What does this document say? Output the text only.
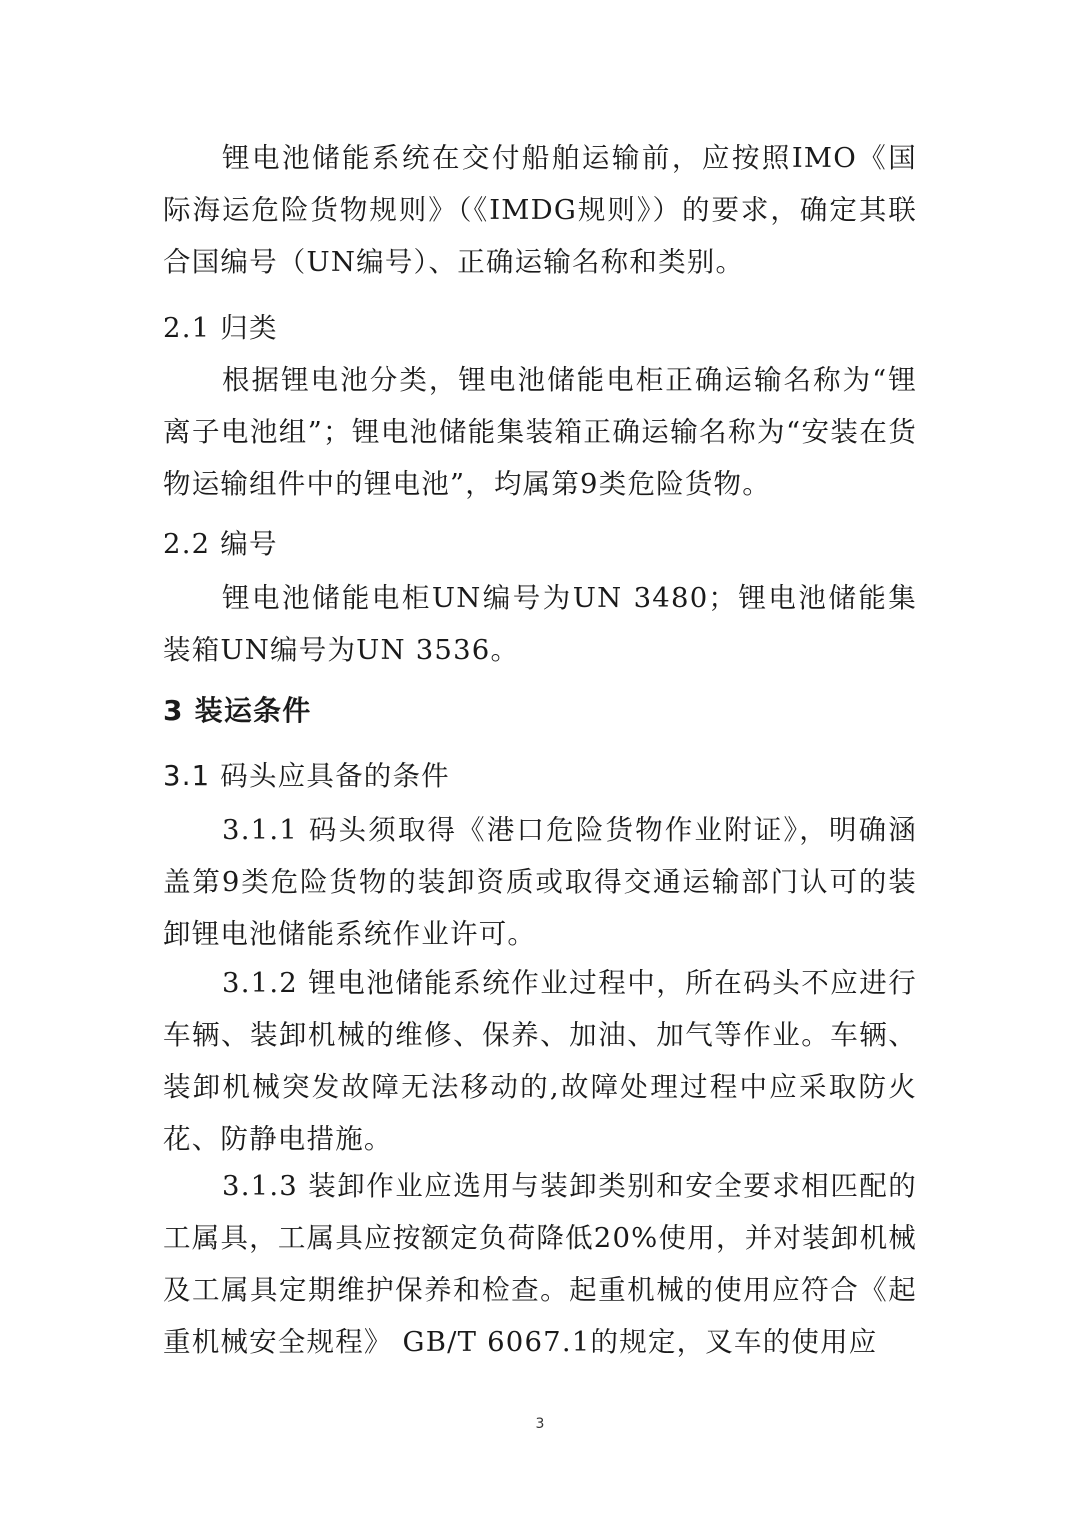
锂电池储能系统在交付船舶运输前，应按照IMO《国际海运危险货物规则》（《IMDG规则》）的要求，确定其联合国编号（UN编号）、正确运输名称和类别。

2.1 归类

根据锂电池分类，锂电池储能电柜正确运输名称为“锂离子电池组”；锂电池储能集装箱正确运输名称为“安装在货物运输组件中的锂电池”，均属第9类危险货物。

2.2 编号

锂电池储能电柜UN编号为UN 3480；锂电池储能集装箱UN编号为UN 3536。

3 装运条件
3.1 码头应具备的条件

3.1.1 码头须取得《港口危险货物作业附证》，明确涵盖第9类危险货物的装卸资质或取得交通运输部门认可的装卸锂电池储能系统作业许可。

3.1.2 锂电池储能系统作业过程中，所在码头不应进行车辆、装卸机械的维修、保养、加油、加气等作业。车辆、装卸机械突发故障无法移动的,故障处理过程中应采取防火花、防静电措施。

3.1.3 装卸作业应选用与装卸类别和安全要求相匹配的工属具，工属具应按额定负荷降低20%使用，并对装卸机械及工属具定期维护保养和检查。起重机械的使用应符合《起重机械安全规程》 GB/T 6067.1的规定，叉车的使用应

3
